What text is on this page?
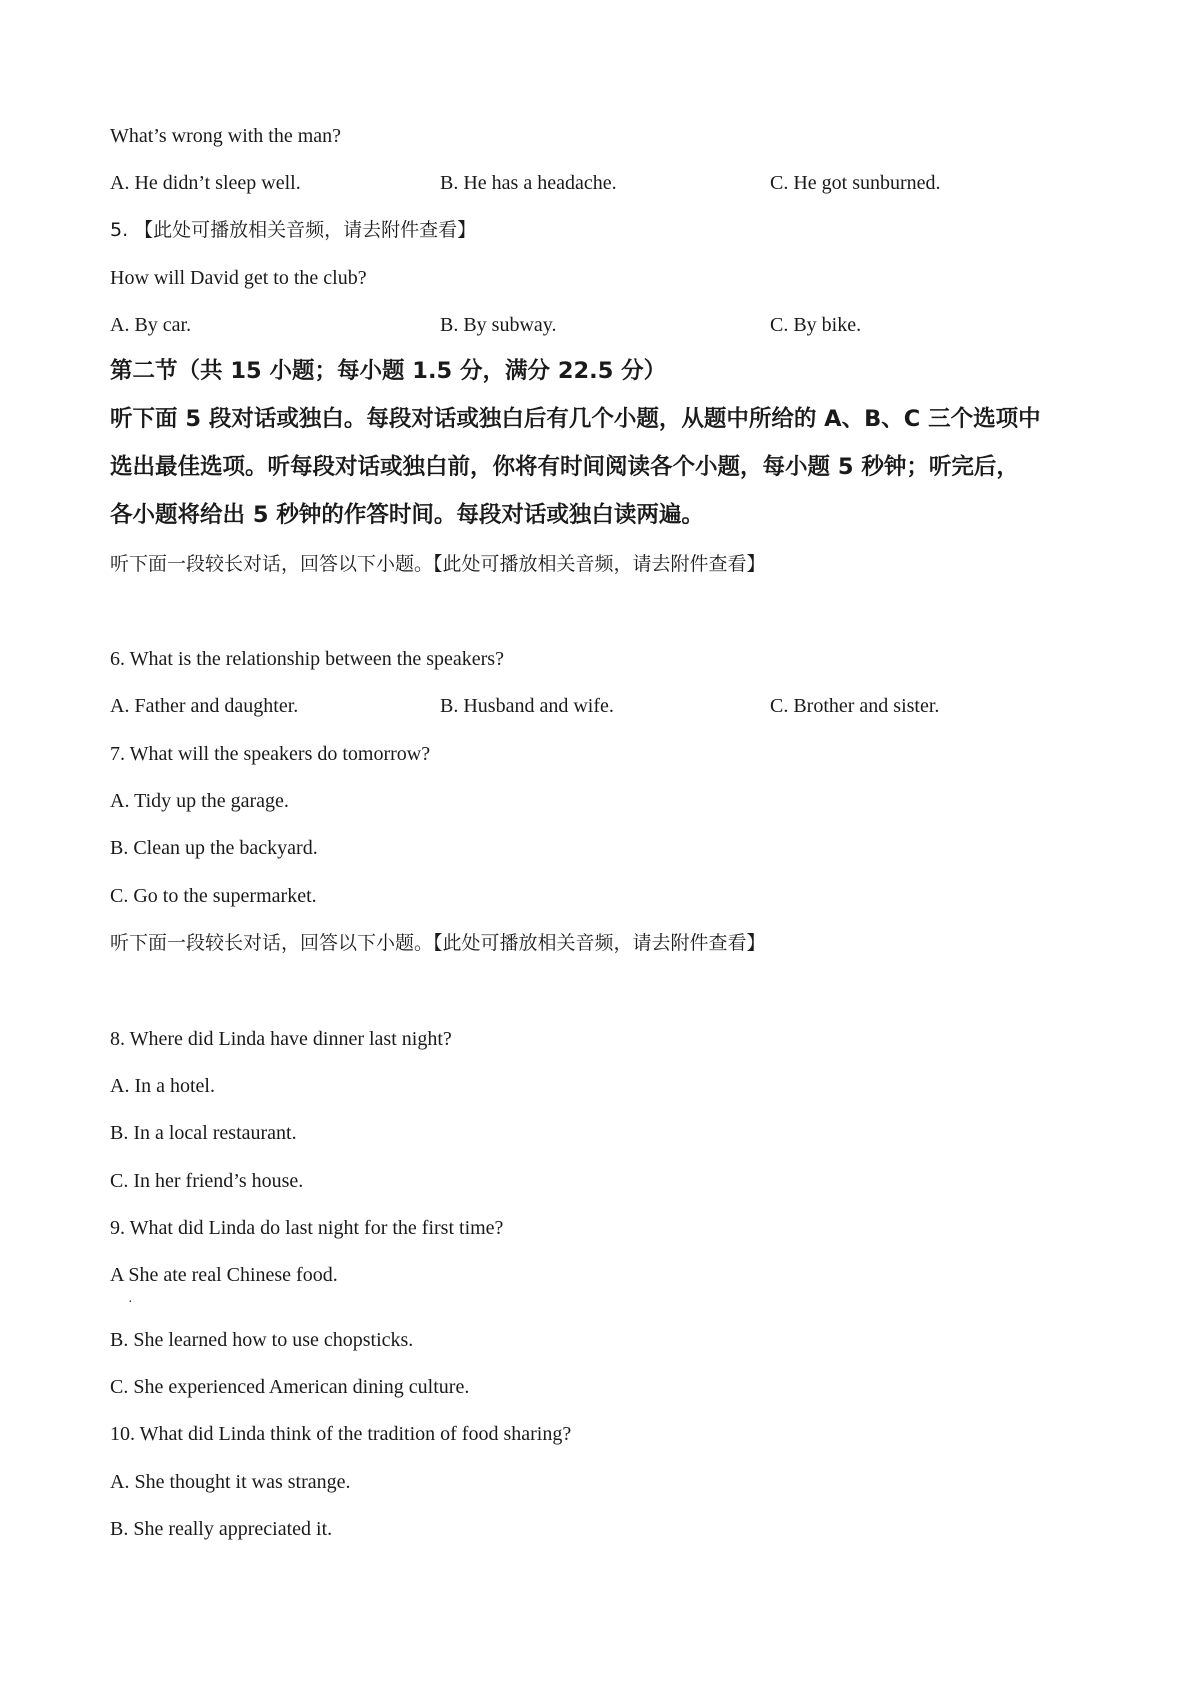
What’s wrong with the man?
A. He didn’t sleep well.	B. He has a headache.	C. He got sunburned.
5. 【此处可播放相关音频，请去附件查看】
How will David get to the club?
A. By car.	B. By subway.	C. By bike.
第二节（共 15 小题；每小题 1.5 分，满分 22.5 分）
听下面 5 段对话或独白。每段对话或独白后有几个小题，从题中所给的 A、B、C 三个选项中
选出最佳选项。听每段对话或独白前，你将有时间阅读各个小题，每小题 5 秒钟；听完后，
各小题将给出 5 秒钟的作答时间。每段对话或独白读两遍。
听下面一段较长对话，回答以下小题。【此处可播放相关音频，请去附件查看】
6. What is the relationship between the speakers?
A. Father and daughter.	B. Husband and wife.	C. Brother and sister.
7. What will the speakers do tomorrow?
A. Tidy up the garage.
B. Clean up the backyard.
C. Go to the supermarket.
听下面一段较长对话，回答以下小题。【此处可播放相关音频，请去附件查看】
8. Where did Linda have dinner last night?
A. In a hotel.
B. In a local restaurant.
C. In her friend’s house.
9. What did Linda do last night for the first time?
A She ate real Chinese food.
·
B. She learned how to use chopsticks.
C. She experienced American dining culture.
10. What did Linda think of the tradition of food sharing?
A. She thought it was strange.
B. She really appreciated it.
